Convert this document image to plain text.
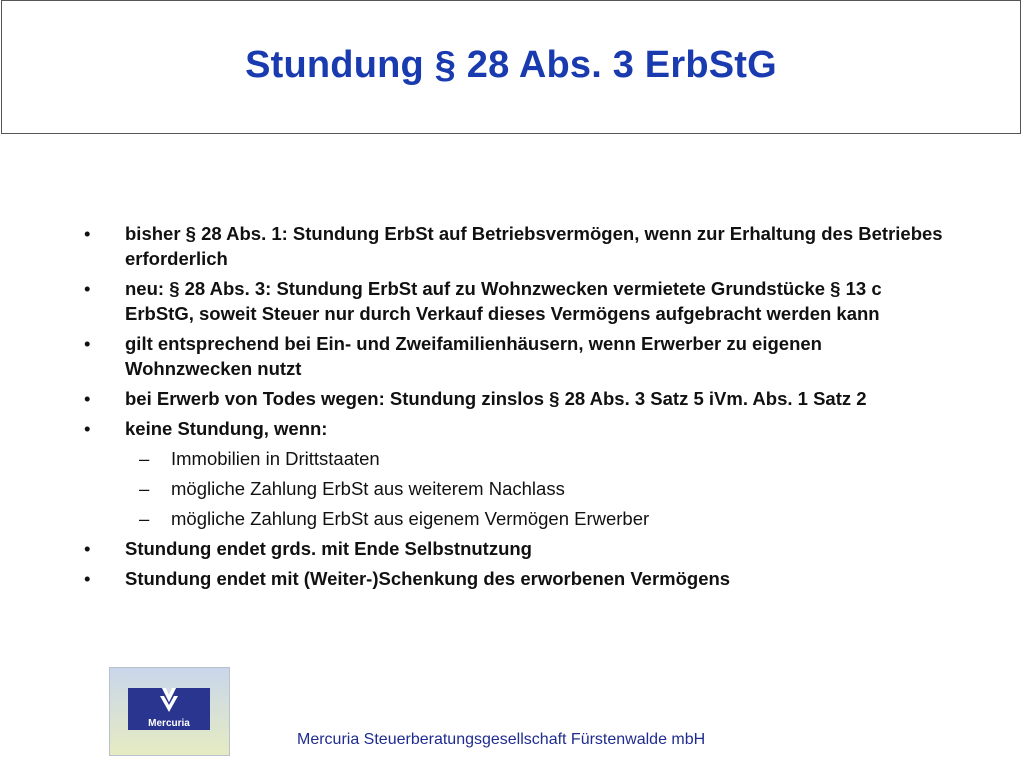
Stundung § 28 Abs. 3 ErbStG
• bisher § 28 Abs. 1: Stundung ErbSt auf Betriebsvermögen, wenn zur Erhaltung des Betriebes erforderlich
• neu: § 28 Abs. 3: Stundung ErbSt auf zu Wohnzwecken vermietete Grundstücke § 13 c ErbStG, soweit Steuer nur durch Verkauf dieses Vermögens aufgebracht werden kann
• gilt entsprechend bei Ein- und Zweifamilienhäusern, wenn Erwerber zu eigenen Wohnzwecken nutzt
• bei Erwerb von Todes wegen: Stundung zinslos § 28 Abs. 3 Satz 5 iVm. Abs. 1 Satz 2
• keine Stundung, wenn:
– Immobilien in Drittstaaten
– mögliche Zahlung ErbSt aus weiterem Nachlass
– mögliche Zahlung ErbSt aus eigenem Vermögen Erwerber
• Stundung endet grds. mit Ende Selbstnutzung
• Stundung endet mit (Weiter-)Schenkung des erworbenen Vermögens
Mercuria
Mercuria Steuerberatungsgesellschaft Fürstenwalde mbH
